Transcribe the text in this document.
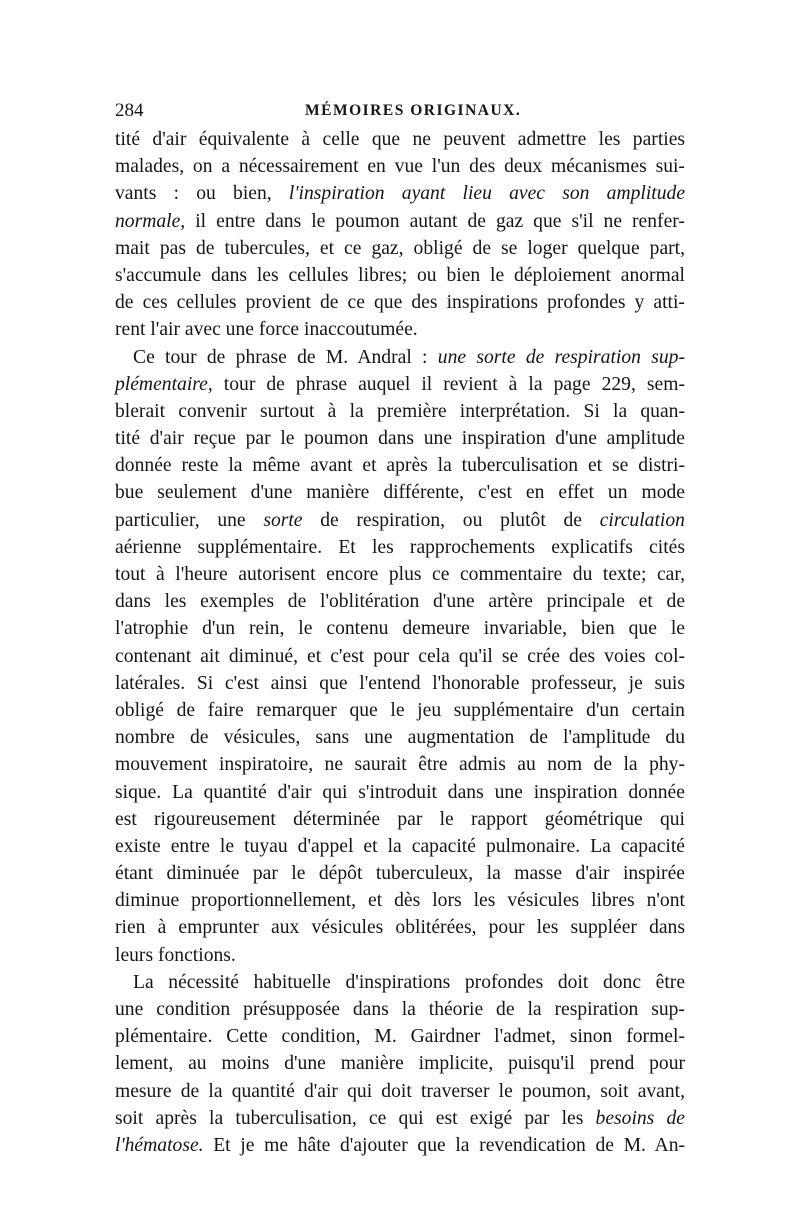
284	MÉMOIRES ORIGINAUX.
tité d'air équivalente à celle que ne peuvent admettre les parties
malades, on a nécessairement en vue l'un des deux mécanismes sui-
vants : ou bien, l'inspiration ayant lieu avec son amplitude
normale, il entre dans le poumon autant de gaz que s'il ne renfer-
mait pas de tubercules, et ce gaz, obligé de se loger quelque part,
s'accumule dans les cellules libres; ou bien le déploiement anormal
de ces cellules provient de ce que des inspirations profondes y atti-
rent l'air avec une force inaccoutumée.
Ce tour de phrase de M. Andral : une sorte de respiration sup-
plémentaire, tour de phrase auquel il revient à la page 229, sem-
blerait convenir surtout à la première interprétation. Si la quan-
tité d'air reçue par le poumon dans une inspiration d'une amplitude
donnée reste la même avant et après la tuberculisation et se distri-
bue seulement d'une manière différente, c'est en effet un mode
particulier, une sorte de respiration, ou plutôt de circulation
aérienne supplémentaire. Et les rapprochements explicatifs cités
tout à l'heure autorisent encore plus ce commentaire du texte; car,
dans les exemples de l'oblitération d'une artère principale et de
l'atrophie d'un rein, le contenu demeure invariable, bien que le
contenant ait diminué, et c'est pour cela qu'il se crée des voies col-
latérales. Si c'est ainsi que l'entend l'honorable professeur, je suis
obligé de faire remarquer que le jeu supplémentaire d'un certain
nombre de vésicules, sans une augmentation de l'amplitude du
mouvement inspiratoire, ne saurait être admis au nom de la phy-
sique. La quantité d'air qui s'introduit dans une inspiration donnée
est rigoureusement déterminée par le rapport géométrique qui
existe entre le tuyau d'appel et la capacité pulmonaire. La capacité
étant diminuée par le dépôt tuberculeux, la masse d'air inspirée
diminue proportionnellement, et dès lors les vésicules libres n'ont
rien à emprunter aux vésicules oblitérées, pour les suppléer dans
leurs fonctions.
La nécessité habituelle d'inspirations profondes doit donc être
une condition présupposée dans la théorie de la respiration sup-
plémentaire. Cette condition, M. Gairdner l'admet, sinon formel-
lement, au moins d'une manière implicite, puisqu'il prend pour
mesure de la quantité d'air qui doit traverser le poumon, soit avant,
soit après la tuberculisation, ce qui est exigé par les besoins de
l'hématose. Et je me hâte d'ajouter que la revendication de M. An-
